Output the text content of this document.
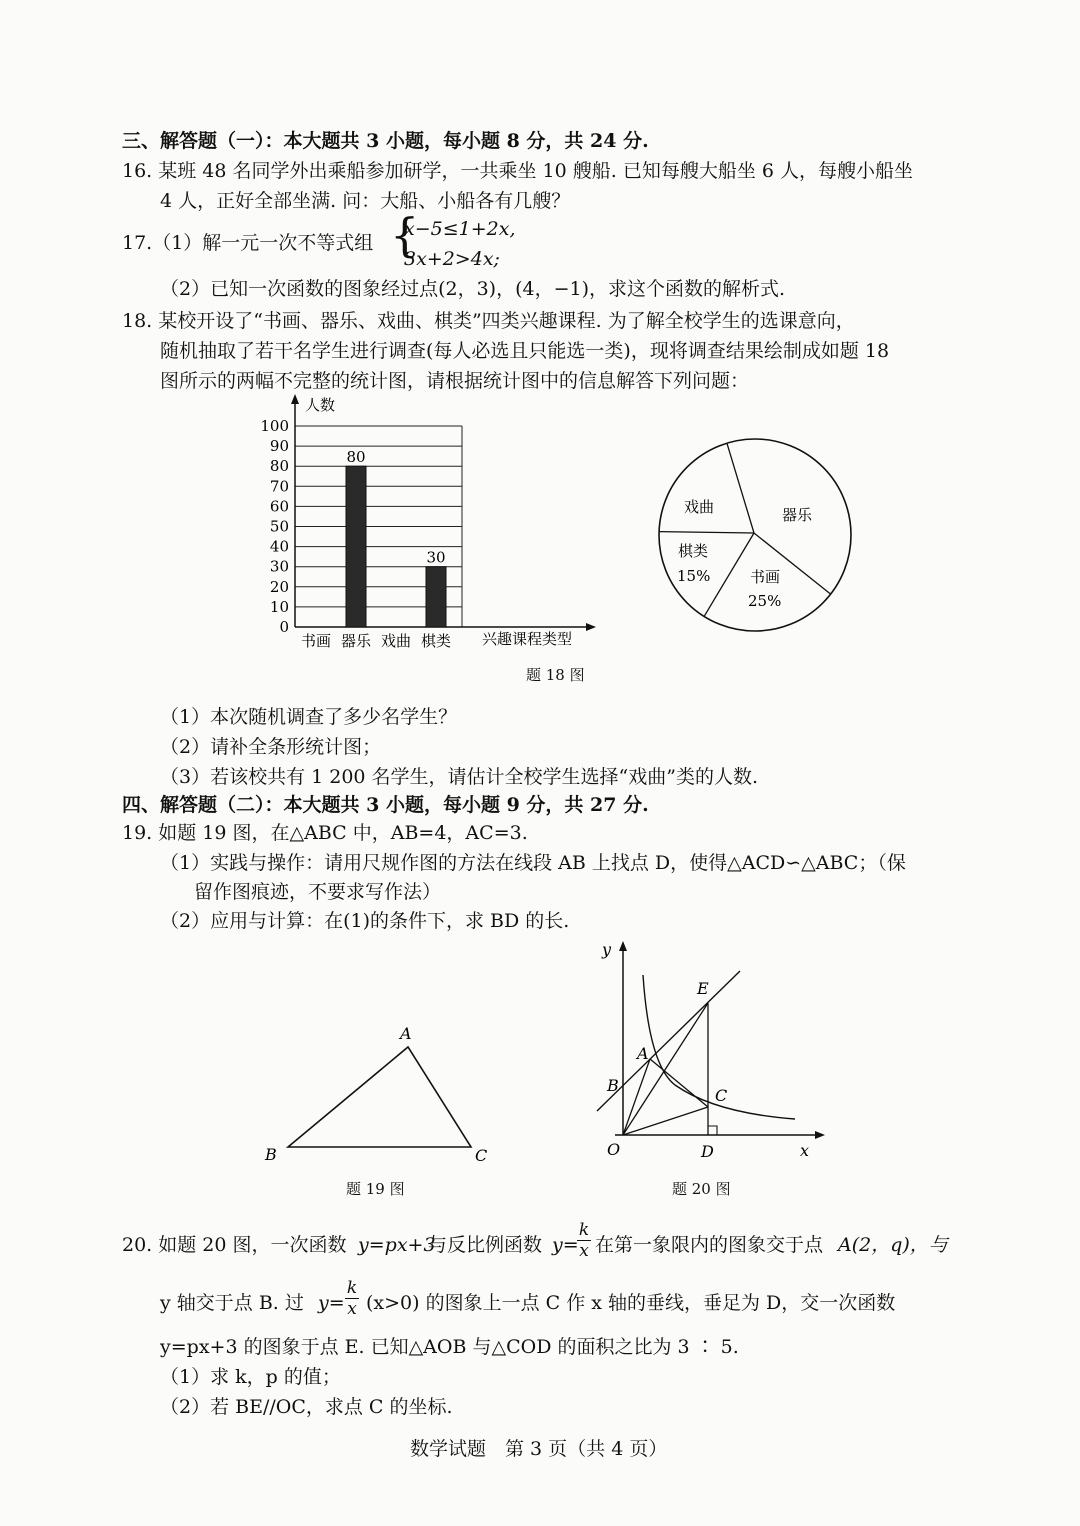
三、解答题（一）：本大题共 3 小题，每小题 8 分，共 24 分.
16. 某班 48 名同学外出乘船参加研学，一共乘坐 10 艘船. 已知每艘大船坐 6 人，每艘小船坐
4 人，正好全部坐满. 问：大船、小船各有几艘？
17.（1）解一元一次不等式组 {
x−5≤1+2x,
3x+2>4x;
（2）已知一次函数的图象经过点(2，3)，(4，−1)，求这个函数的解析式.
18. 某校开设了“书画、器乐、戏曲、棋类”四类兴趣课程. 为了解全校学生的选课意向，
随机抽取了若干名学生进行调查(每人必选且只能选一类)，现将调查结果绘制成如题 18
图所示的两幅不完整的统计图，请根据统计图中的信息解答下列问题：
80
30
0
10
20
30
40
50
60
70
80
90
100
书画 器乐 戏曲 棋类
人数
兴趣课程类型
戏曲	器乐
棋类
15%	书画
25%
题 18 图
（1）本次随机调查了多少名学生？
（2）请补全条形统计图；
（3）若该校共有 1 200 名学生，请估计全校学生选择“戏曲”类的人数.
四、解答题（二）：本大题共 3 小题，每小题 9 分，共 27 分.
19. 如题 19 图，在△ABC 中，AB=4，AC=3.
（1）实践与操作：请用尺规作图的方法在线段 AB 上找点 D，使得△ACD∽△ABC；（保
留作图痕迹，不要求写作法）
（2）应用与计算：在(1)的条件下，求 BD 的长.
A
B	C
题 19 图
y
x
O
E
A
B
C
D
题 20 图
20. 如题 20 图，一次函数 y=px+3
与反比例函数 y=
k
x 在第一象限内的图象交于点 A(2，q)，与
y 轴交于点 B. 过 y=
k
x (x>0) 的图象上一点 C 作 x 轴的垂线，垂足为 D，交一次函数
y=px+3 的图象于点 E. 已知△AOB 与△COD 的面积之比为 3 ∶ 5.
（1）求 k，p 的值；
（2）若 BE//OC，求点 C 的坐标.
数学试题　第 3 页（共 4 页）
